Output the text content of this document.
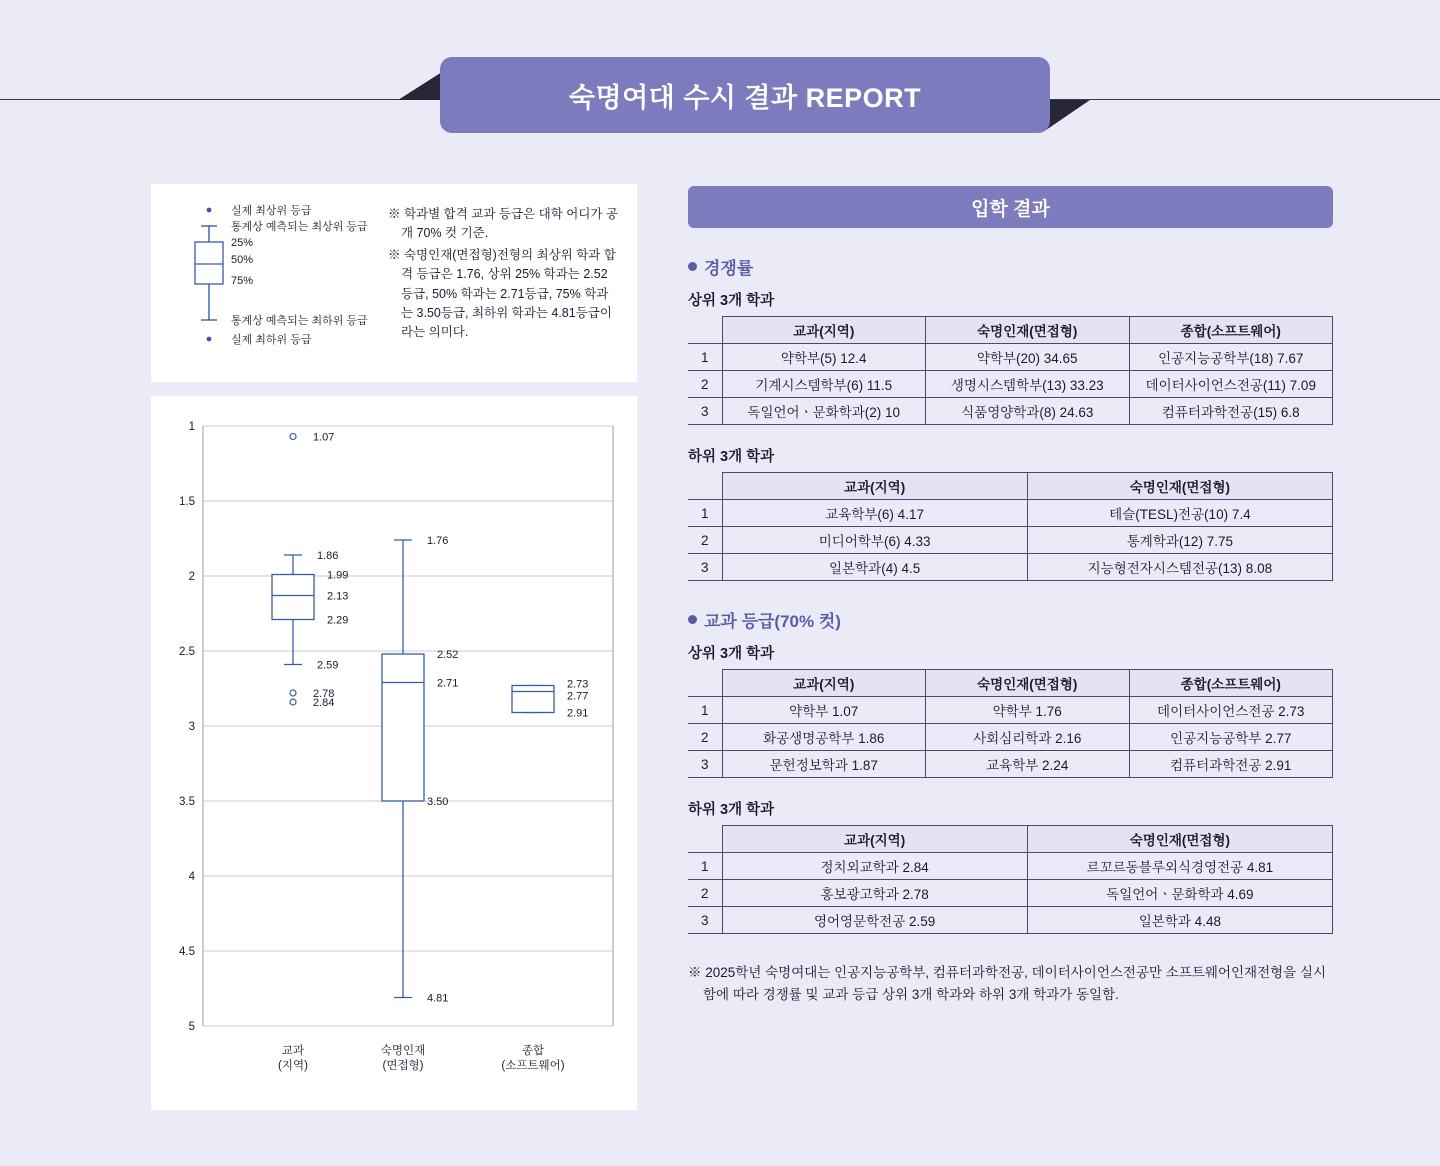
숙명여대 수시 결과 REPORT
실제 최상위 등급
통계상 예측되는 최상위 등급
25%
50%
75%
통계상 예측되는 최하위 등급
실제 최하위 등급

※ 학과별 합격 교과 등급은 대학 어디가 공개 70% 컷 기준.

※ 숙명인재(면접형)전형의 최상위 학과 합격 등급은 1.76, 상위 25% 학과는 2.52등급, 50% 학과는 2.71등급, 75% 학과는 3.50등급, 최하위 학과는 4.81등급이라는 의미다.

1
1.5
2
2.5
3
3.5
4
4.5
5
1.07
1.86
1.99
2.13
2.29
2.59
2.78
2.84
1.76
2.52
2.71
3.50
4.81
2.73
2.77
2.91
교과
(지역)
숙명인재
(면접형)
종합
(소프트웨어)
입학 결과
경쟁률
상위 3개 학과
	교과(지역)	숙명인재(면접형)	종합(소프트웨어)
1	약학부(5) 12.4	약학부(20) 34.65	인공지능공학부(18) 7.67
2	기계시스템학부(6) 11.5	생명시스템학부(13) 33.23	데이터사이언스전공(11) 7.09
3	독일언어ㆍ문화학과(2) 10	식품영양학과(8) 24.63	컴퓨터과학전공(15) 6.8
하위 3개 학과
	교과(지역)	숙명인재(면접형)
1	교육학부(6) 4.17	테슬(TESL)전공(10) 7.4
2	미디어학부(6) 4.33	통계학과(12) 7.75
3	일본학과(4) 4.5	지능형전자시스템전공(13) 8.08
교과 등급(70% 컷)
상위 3개 학과
	교과(지역)	숙명인재(면접형)	종합(소프트웨어)
1	약학부 1.07	약학부 1.76	데이터사이언스전공 2.73
2	화공생명공학부 1.86	사회심리학과 2.16	인공지능공학부 2.77
3	문헌정보학과 1.87	교육학부 2.24	컴퓨터과학전공 2.91
하위 3개 학과
	교과(지역)	숙명인재(면접형)
1	정치외교학과 2.84	르꼬르동블루외식경영전공 4.81
2	홍보광고학과 2.78	독일언어ㆍ문화학과 4.69
3	영어영문학전공 2.59	일본학과 4.48
※ 2025학년 숙명여대는 인공지능공학부, 컴퓨터과학전공, 데이터사이언스전공만 소프트웨어인재전형을 실시함에 따라 경쟁률 및 교과 등급 상위 3개 학과와 하위 3개 학과가 동일함.
